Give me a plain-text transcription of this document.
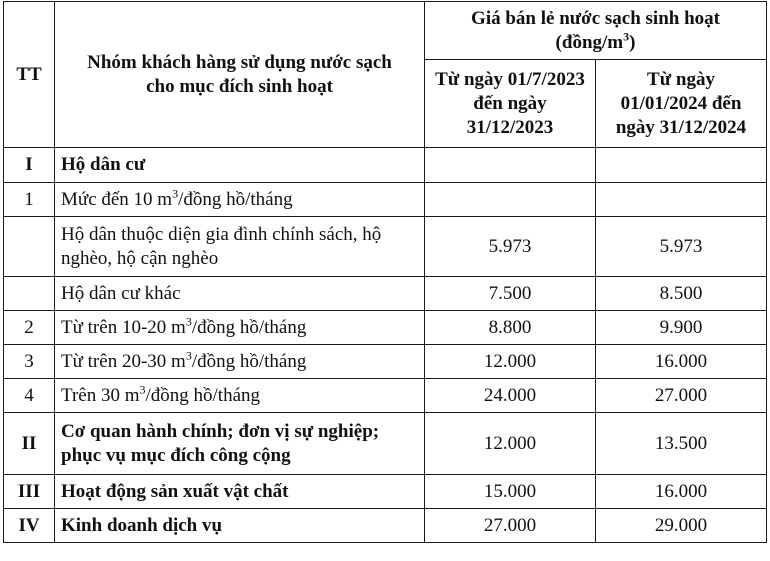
TT	Nhóm khách hàng sử dụng nước sạch cho mục đích sinh hoạt	Giá bán lẻ nước sạch sinh hoạt
$(đồng/m^3)$	

		Từ ngày 01/7/2023 đến ngày 31/12/2023	Từ ngày 01/01/2024 đến ngày 31/12/2024
I	Hộ dân cư		
1	Mức đến 10 $m^3$/đồng hồ/tháng		
	Hộ dân thuộc diện gia đình chính sách, hộ nghèo, hộ cận nghèo	5.973	5.973
	Hộ dân cư khác	7.500	8.500
2	Từ trên 10-20 $m^3$/đồng hồ/tháng	8.800	9.900
3	Từ trên 20-30 $m^3$/đồng hồ/tháng	12.000	16.000
4	Trên 30 $m^3$/đồng hồ/tháng	24.000	27.000
II	Cơ quan hành chính; đơn vị sự nghiệp; phục vụ mục đích công cộng	12.000	13.500
III	Hoạt động sản xuất vật chất	15.000	16.000
IV	Kinh doanh dịch vụ	27.000	29.000
